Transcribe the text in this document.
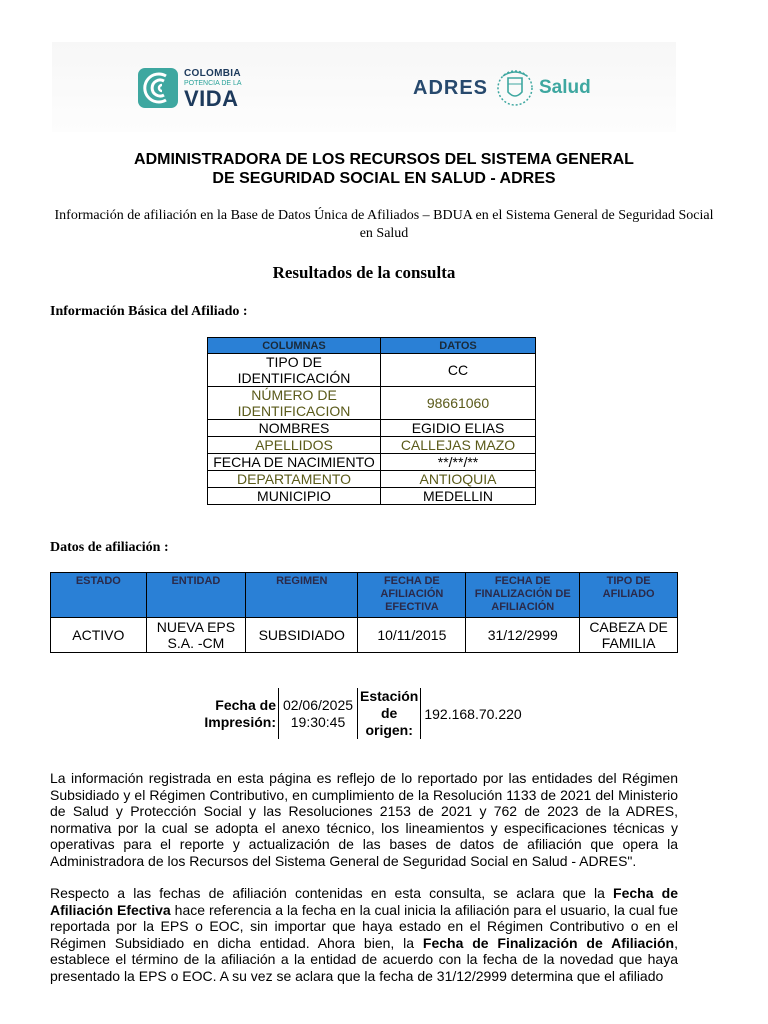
COLOMBIA
POTENCIA DE LA
VIDA	ADRES	Salud
ADMINISTRADORA DE LOS RECURSOS DEL SISTEMA GENERAL
DE SEGURIDAD SOCIAL EN SALUD - ADRES
Información de afiliación en la Base de Datos Única de Afiliados – BDUA en el Sistema General de Seguridad Social en Salud
Resultados de la consulta
Información Básica del Afiliado :
COLUMNAS	DATOS
TIPO DE IDENTIFICACIÓN	CC
NÚMERO DE IDENTIFICACION	98661060
NOMBRES	EGIDIO ELIAS
APELLIDOS	CALLEJAS MAZO
FECHA DE NACIMIENTO	**/**/**
DEPARTAMENTO	ANTIOQUIA
MUNICIPIO	MEDELLIN
Datos de afiliación :
ESTADO	ENTIDAD	REGIMEN	FECHA DE AFILIACIÓN EFECTIVA	FECHA DE FINALIZACIÓN DE AFILIACIÓN	TIPO DE AFILIADO
ACTIVO	NUEVA EPS S.A. -CM	SUBSIDIADO	10/11/2015	31/12/2999	CABEZA DE FAMILIA
Fecha de Impresión:	02/06/2025 19:30:45	Estación de origen:	192.168.70.220

La información registrada en esta página es reflejo de lo reportado por las entidades del Régimen Subsidiado y el Régimen Contributivo, en cumplimiento de la Resolución 1133 de 2021 del Ministerio de Salud y Protección Social y las Resoluciones 2153 de 2021 y 762 de 2023 de la ADRES, normativa por la cual se adopta el anexo técnico, los lineamientos y especificaciones técnicas y operativas para el reporte y actualización de las bases de datos de afiliación que opera la Administradora de los Recursos del Sistema General de Seguridad Social en Salud - ADRES".

Respecto a las fechas de afiliación contenidas en esta consulta, se aclara que la Fecha de Afiliación Efectiva hace referencia a la fecha en la cual inicia la afiliación para el usuario, la cual fue reportada por la EPS o EOC, sin importar que haya estado en el Régimen Contributivo o en el Régimen Subsidiado en dicha entidad. Ahora bien, la Fecha de Finalización de Afiliación, establece el término de la afiliación a la entidad de acuerdo con la fecha de la novedad que haya presentado la EPS o EOC. A su vez se aclara que la fecha de 31/12/2999 determina que el afiliado
